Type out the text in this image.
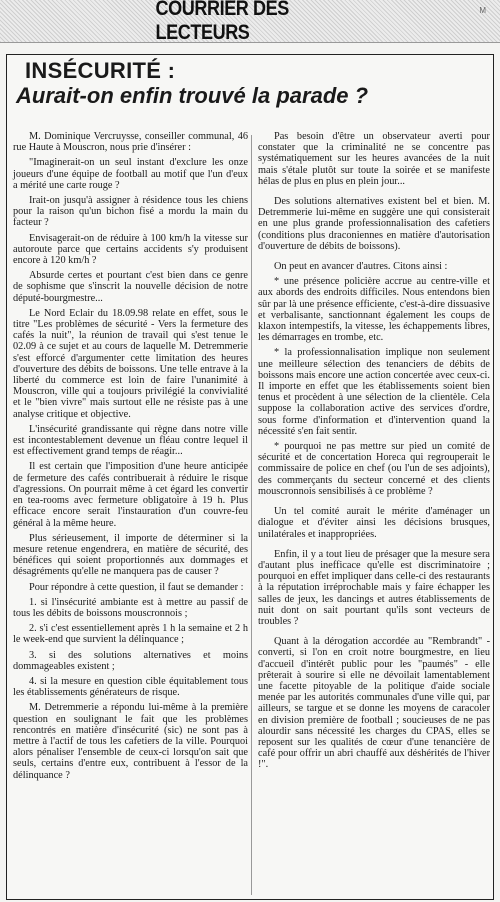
COURRIER DES LECTEURS
M
INSÉCURITÉ :
Aurait-on enfin trouvé la parade ?

M. Dominique Vercruysse, conseiller communal, 46 rue Haute à Mouscron, nous prie d'insérer :

"Imaginerait-on un seul instant d'exclure les onze joueurs d'une équipe de football au motif que l'un d'eux a mérité une carte rouge ?

Irait-on jusqu'à assigner à résidence tous les chiens pour la raison qu'un bichon fisé a mordu la main du facteur ?

Envisagerait-on de réduire à 100 km/h la vitesse sur autoroute parce que certains accidents s'y produisent encore à 120 km/h ?

Absurde certes et pourtant c'est bien dans ce genre de sophisme que s'inscrit la nouvelle décision de notre député-bourgmestre...

Le Nord Eclair du 18.09.98 relate en effet, sous le titre "Les problèmes de sécurité - Vers la fermeture des cafés la nuit", la réunion de travail qui s'est tenue le 02.09 à ce sujet et au cours de laquelle M. Detremmerie s'est efforcé d'argumenter cette limitation des heures d'ouverture des débits de boissons. Une telle entrave à la liberté du commerce est loin de faire l'unanimité à Mouscron, ville qui a toujours privilégié la convivialité et le "bien vivre" mais surtout elle ne résiste pas à une analyse critique et objective.

L'insécurité grandissante qui règne dans notre ville est incontestablement devenue un fléau contre lequel il est effectivement grand temps de réagir...

Il est certain que l'imposition d'une heure anticipée de fermeture des cafés contribuerait à réduire le risque d'agressions. On pourrait même à cet égard les convertir en tea-rooms avec fermeture obligatoire à 19 h. Plus efficace encore serait l'instauration d'un couvre-feu général à la même heure.

Plus sérieusement, il importe de déterminer si la mesure retenue engendrera, en matière de sécurité, des bénéfices qui soient proportionnés aux dommages et désagréments qu'elle ne manquera pas de causer ?

Pour répondre à cette question, il faut se demander :

1. si l'insécurité ambiante est à mettre au passif de tous les débits de boissons mouscronnois ;

2. s'i c'est essentiellement après 1 h la semaine et 2 h le week-end que survient la délinquance ;

3. si des solutions alternatives et moins dommageables existent ;

4. si la mesure en question cible équitablement tous les établissements générateurs de risque.

M. Detremmerie a répondu lui-même à la première question en soulignant le fait que les problèmes rencontrés en matière d'insécurité (sic) ne sont pas à mettre à l'actif de tous les cafetiers de la ville. Pourquoi alors pénaliser l'ensemble de ceux-ci lorsqu'on sait que seuls, certains d'entre eux, contribuent à l'essor de la délinquance ?

Pas besoin d'être un observateur averti pour constater que la criminalité ne se concentre pas systématiquement sur les heures avancées de la nuit mais s'étale plutôt sur toute la soirée et se manifeste hélas de plus en plus en plein jour...

Des solutions alternatives existent bel et bien. M. Detremmerie lui-même en suggère une qui consisterait en une plus grande professionnalisation des cafetiers (conditions plus draconiennes en matière d'autorisation d'ouverture de débits de boissons).

On peut en avancer d'autres. Citons ainsi :

* une présence policière accrue au centre-ville et aux abords des endroits difficiles. Nous entendons bien sûr par là une présence efficiente, c'est-à-dire dissuasive et verbalisante, sanctionnant également les coups de klaxon intempestifs, la vitesse, les échappements libres, les démarrages en trombe, etc.

* la professionnalisation implique non seulement une meilleure sélection des tenanciers de débits de boissons mais encore une action concertée avec ceux-ci. Il importe en effet que les établissements soient bien tenus et procèdent à une sélection de la clientèle. Cela suppose la collaboration active des services d'ordre, sous forme d'information et d'intervention quand la nécessité s'en fait sentir.

* pourquoi ne pas mettre sur pied un comité de sécurité et de concertation Horeca qui regrouperait le commissaire de police en chef (ou l'un de ses adjoints), des commerçants du secteur concerné et des clients mouscronnois sensibilisés à ce problème ?

Un tel comité aurait le mérite d'aménager un dialogue et d'éviter ainsi les décisions brusques, unilatérales et inappropriées.

Enfin, il y a tout lieu de présager que la mesure sera d'autant plus inefficace qu'elle est discriminatoire ; pourquoi en effet impliquer dans celle-ci des restaurants à la réputation irréprochable mais y faire échapper les salles de jeux, les dancings et autres établissements de nuit dont on sait pourtant qu'ils sont vecteurs de troubles ?

Quant à la dérogation accordée au "Rembrandt" - converti, si l'on en croit notre bourgmestre, en lieu d'accueil d'intérêt public pour les "paumés" - elle prêterait à sourire si elle ne dévoilait lamentablement une facette pitoyable de la politique d'aide sociale menée par les autorités communales d'une ville qui, par ailleurs, se targue et se donne les moyens de caracoler en division première de football ; soucieuses de ne pas alourdir sans nécessité les charges du CPAS, elles se reposent sur les qualités de cœur d'une tenancière de café pour offrir un abri chauffé aux déshérités de l'hiver !".
